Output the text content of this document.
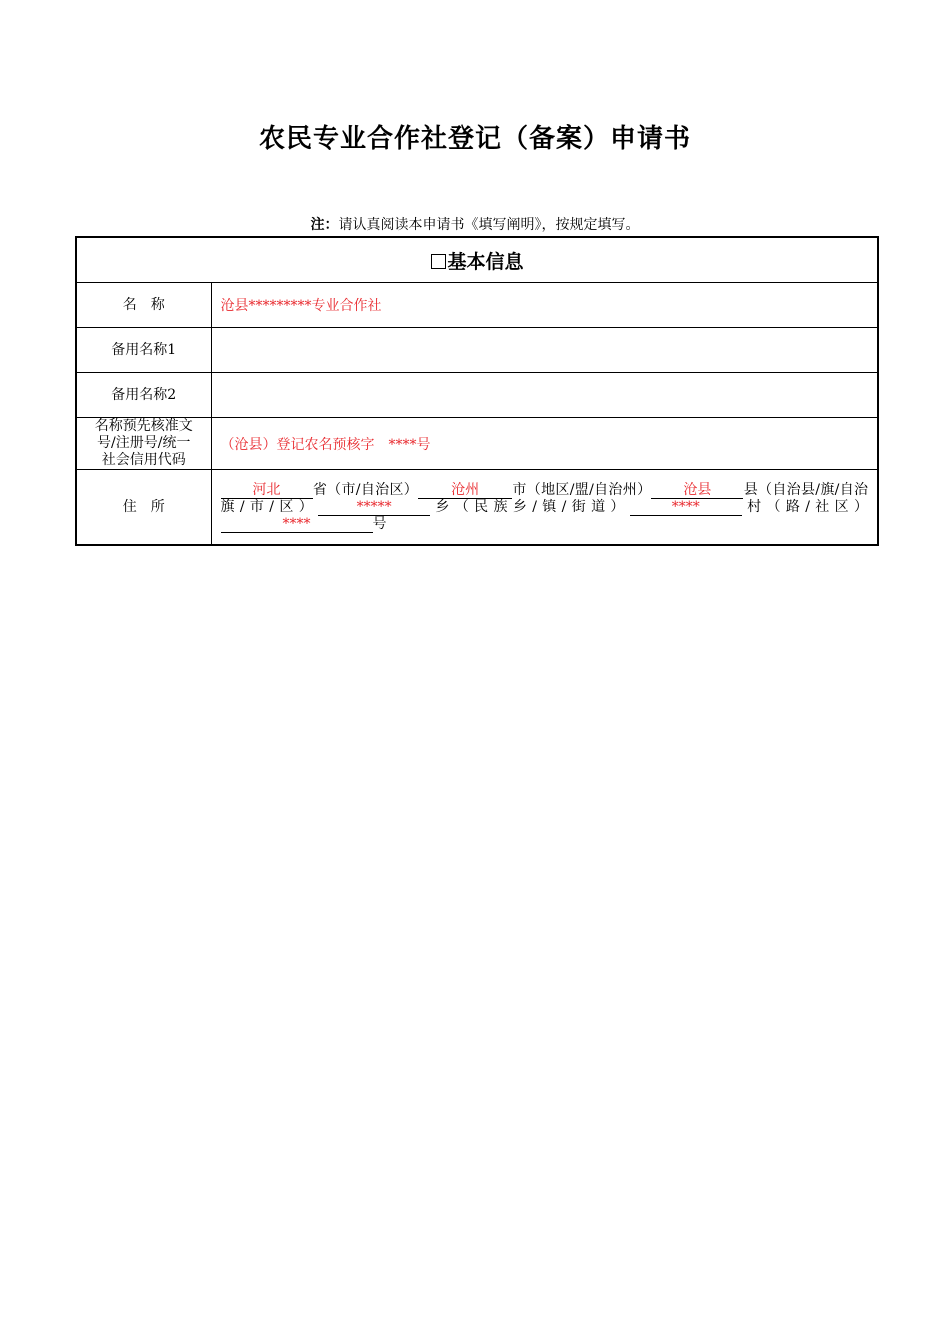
农民专业合作社登记（备案）申请书
注：请认真阅读本申请书《填写阐明》，按规定填写。
基本信息	
名　称	沧县*********专业合作社
备用名称1	
备用名称2	

名称预先核准文
号/注册号/统一
社会信用代码	（沧县）登记农名预核字　****号
住　所	河北 省（市/自治区） 沧州 市（地区/盟/自治州） 沧县 县（自治县/旗/自治旗/市/区） ***** 乡（民族乡/镇/街道） **** 村（路/社区）**** 号
